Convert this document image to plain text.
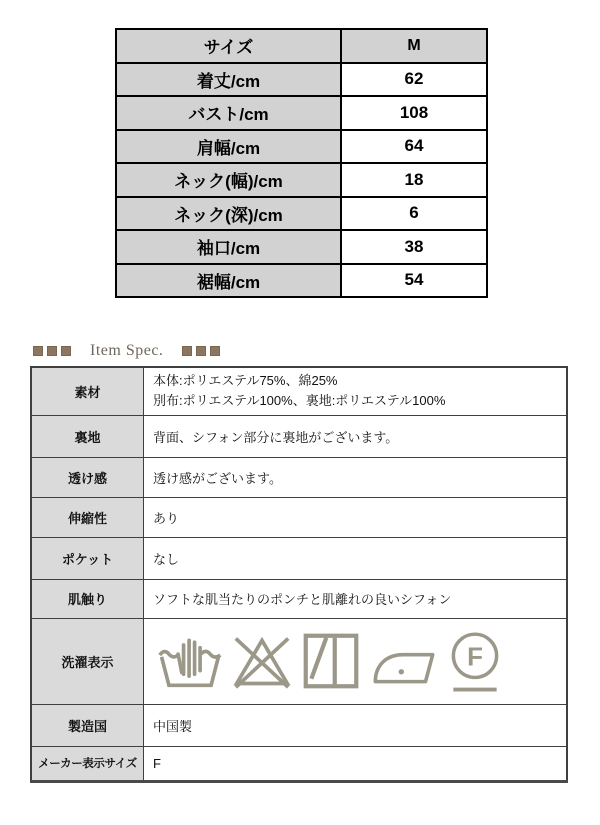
サイズ	M
着丈/cm	62
バスト/cm	108
肩幅/cm	64
ネック(幅)/cm	18
ネック(深)/cm	6
袖口/cm	38
裾幅/cm	54
Item Spec.
素材	本体:ポリエステル75%、綿25%
別布:ポリエステル100%、裏地:ポリエステル100%

裏地	背面、シフォン部分に裏地がございます。
透け感	透け感がございます。
伸縮性	あり
ポケット	なし
肌触り	ソフトな肌当たりのポンチと肌離れの良いシフォン
洗濯表示	F

製造国	中国製
メーカー表示サイズ	F
